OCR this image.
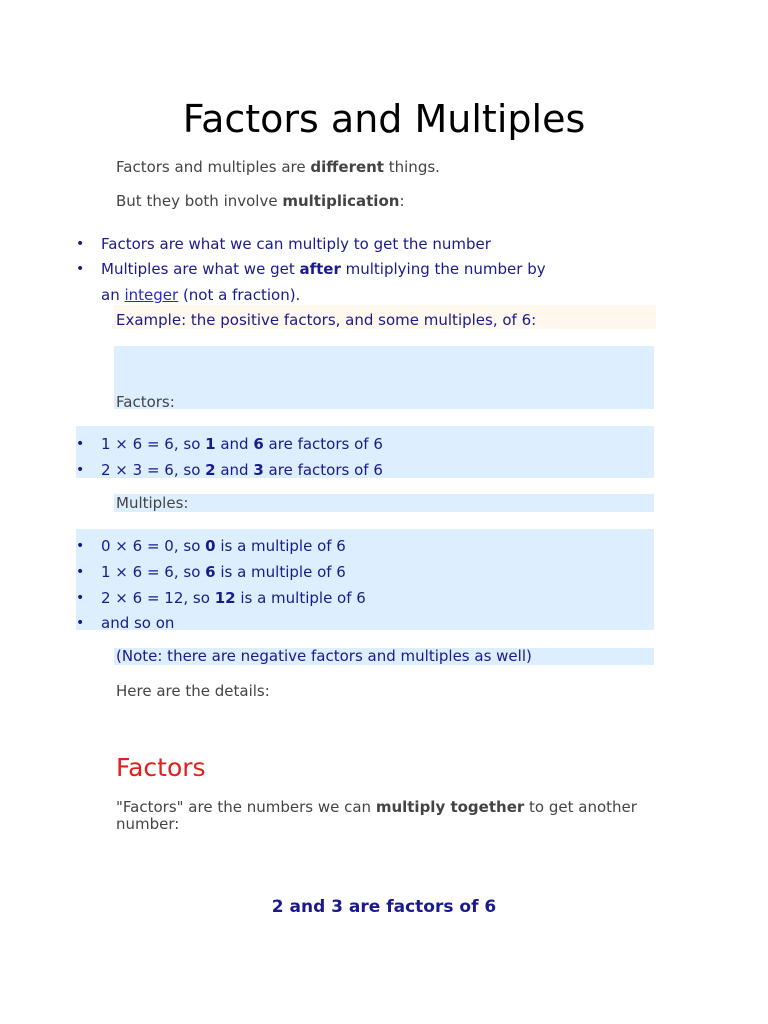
Factors and Multiples
Factors and multiples are different things.
But they both involve multiplication:
• Factors are what we can multiply to get the number
• Multiples are what we get after multiplying the number by
an integer (not a fraction).
Example: the positive factors, and some multiples, of 6:
Factors:
• 1 × 6 = 6, so 1 and 6 are factors of 6
• 2 × 3 = 6, so 2 and 3 are factors of 6
Multiples:
• 0 × 6 = 0, so 0 is a multiple of 6
• 1 × 6 = 6, so 6 is a multiple of 6
• 2 × 6 = 12, so 12 is a multiple of 6
• and so on
(Note: there are negative factors and multiples as well)
Here are the details:
Factors
"Factors" are the numbers we can multiply together to get another
number:
2 and 3 are factors of 6
